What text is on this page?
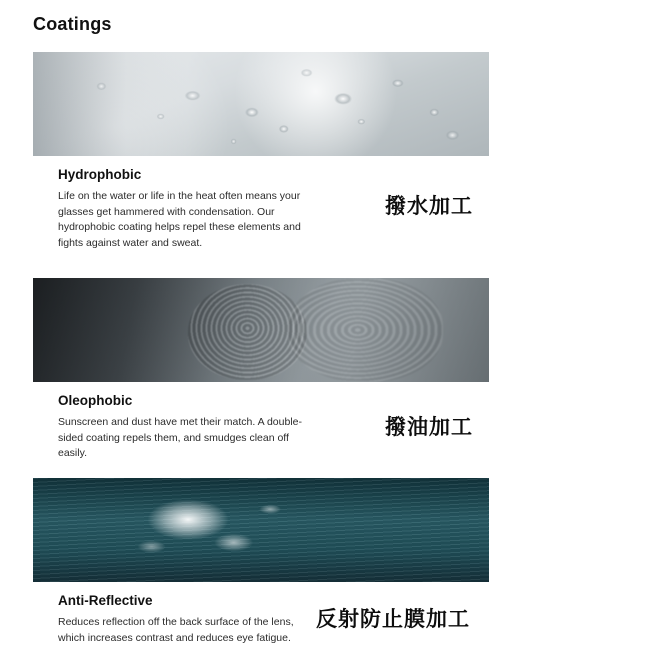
Coatings
Hydrophobic
Life on the water or life in the heat often means your glasses get hammered with condensation. Our hydrophobic coating helps repel these elements and fights against water and sweat.
撥水加工
Oleophobic
Sunscreen and dust have met their match. A double-sided coating repels them, and smudges clean off easily.
撥油加工
Anti-Reflective
Reduces reflection off the back surface of the lens, which increases contrast and reduces eye fatigue.
反射防止膜加工
